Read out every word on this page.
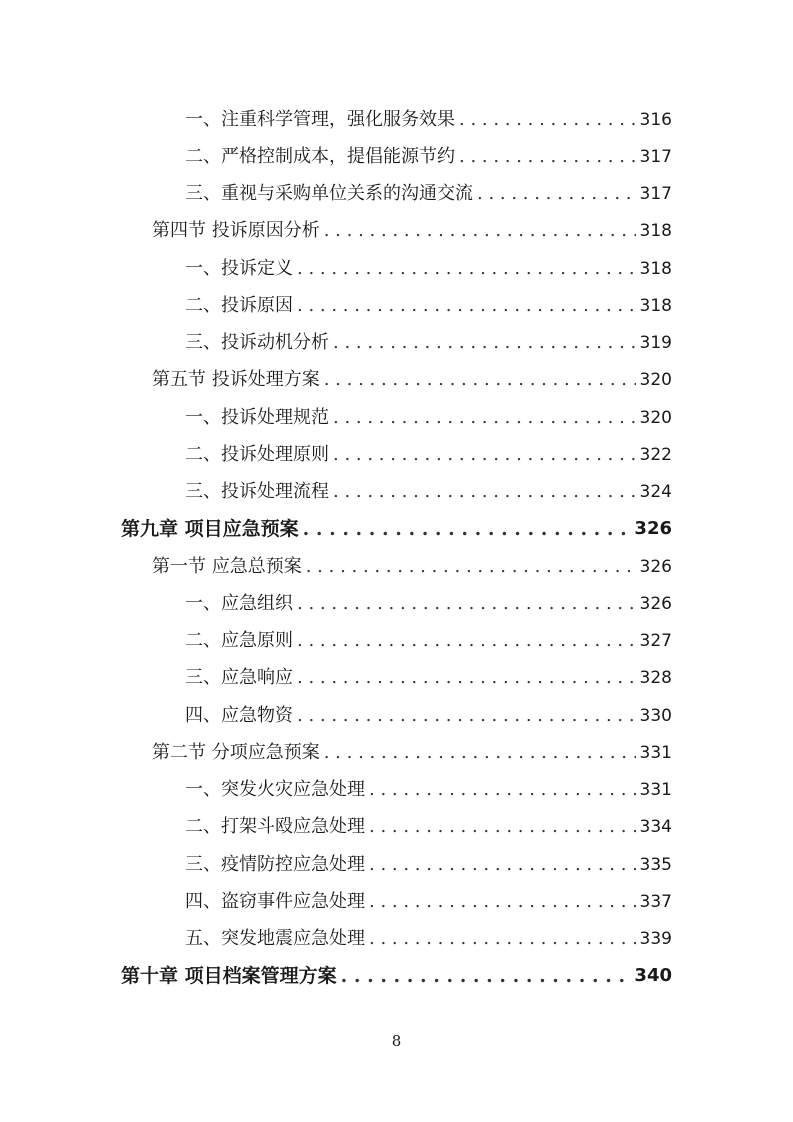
一、注重科学管理，强化服务效果 . . .	316
二、严格控制成本，提倡能源节约 . . .	317
三、重视与采购单位关系的沟通交流 . . .	317
第四节 投诉原因分析 . . .	318
一、投诉定义 . . .	318
二、投诉原因 . . .	318
三、投诉动机分析 . . .	319
第五节 投诉处理方案 . . .	320
一、投诉处理规范 . . .	320
二、投诉处理原则 . . .	322
三、投诉处理流程 . . .	324
第九章 项目应急预案 . . .	326
第一节 应急总预案 . . .	326
一、应急组织 . . .	326
二、应急原则 . . .	327
三、应急响应 . . .	328
四、应急物资 . . .	330
第二节 分项应急预案 . . .	331
一、突发火灾应急处理 . . .	331
二、打架斗殴应急处理 . . .	334
三、疫情防控应急处理 . . .	335
四、盗窃事件应急处理 . . .	337
五、突发地震应急处理 . . .	339
第十章 项目档案管理方案 . . .	340
8
